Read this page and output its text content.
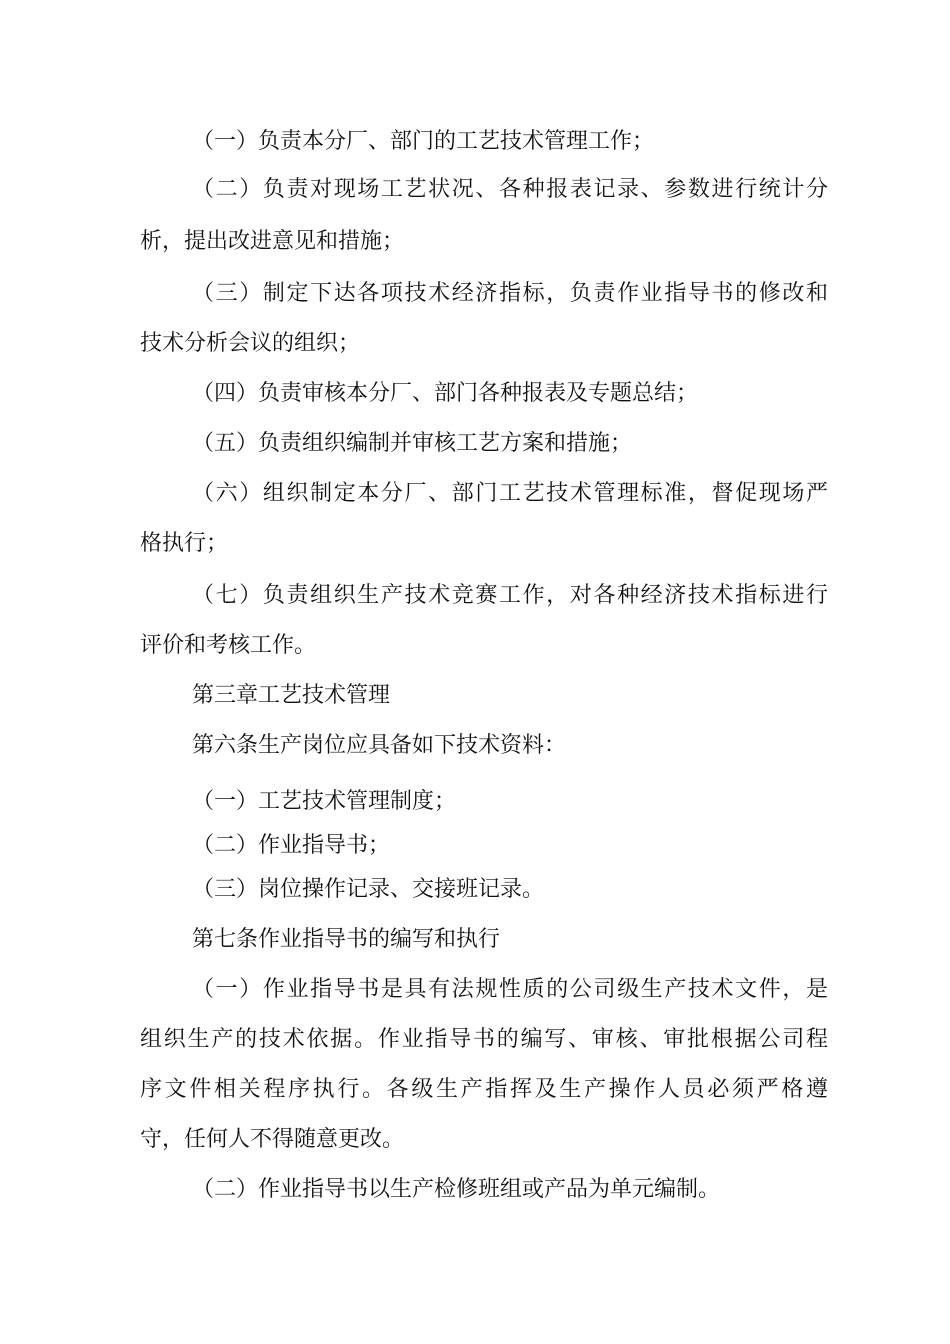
（一）负责本分厂、部门的工艺技术管理工作；
（二）负责对现场工艺状况、各种报表记录、参数进行统计分
析，提出改进意见和措施；
（三）制定下达各项技术经济指标，负责作业指导书的修改和
技术分析会议的组织；
（四）负责审核本分厂、部门各种报表及专题总结；
（五）负责组织编制并审核工艺方案和措施；
（六）组织制定本分厂、部门工艺技术管理标准，督促现场严
格执行；
（七）负责组织生产技术竞赛工作，对各种经济技术指标进行
评价和考核工作。
第三章工艺技术管理
第六条生产岗位应具备如下技术资料：
（一）工艺技术管理制度；
（二）作业指导书；
（三）岗位操作记录、交接班记录。
第七条作业指导书的编写和执行
（一）作业指导书是具有法规性质的公司级生产技术文件，是
组织生产的技术依据。作业指导书的编写、审核、审批根据公司程
序文件相关程序执行。各级生产指挥及生产操作人员必须严格遵
守，任何人不得随意更改。
（二）作业指导书以生产检修班组或产品为单元编制。
